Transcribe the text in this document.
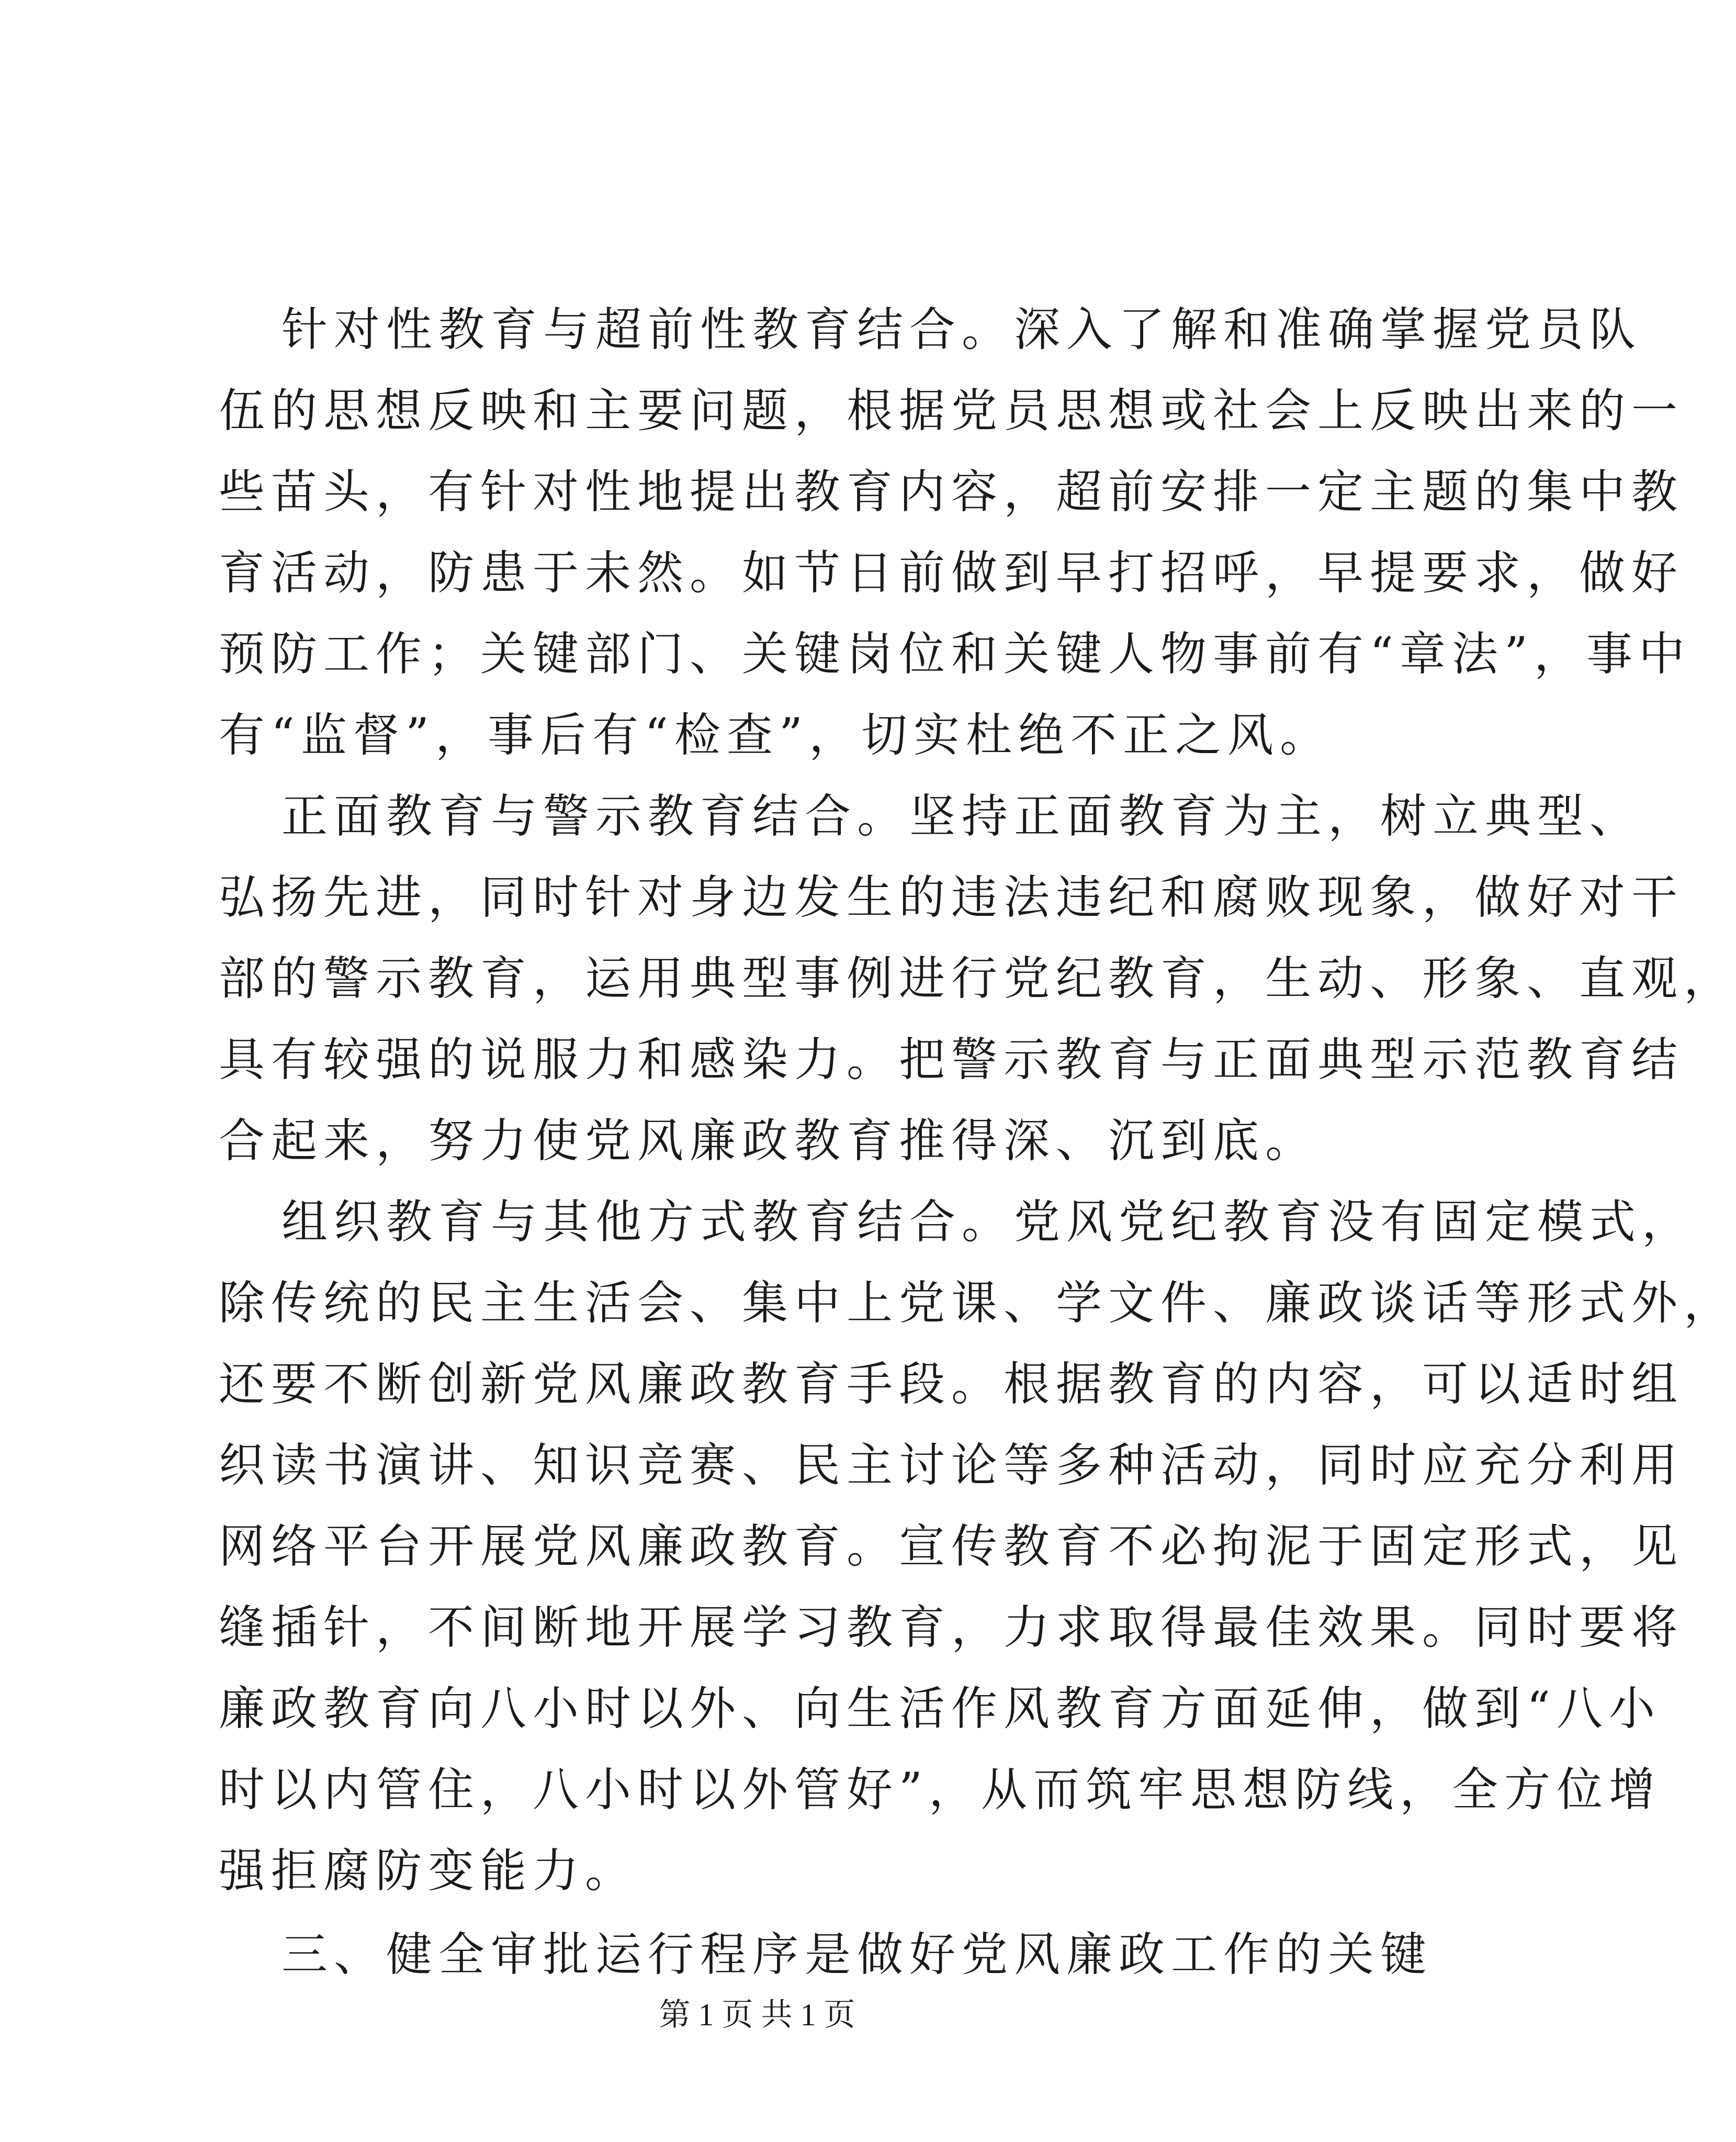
针对性教育与超前性教育结合。深入了解和准确掌握党员队
伍的思想反映和主要问题，根据党员思想或社会上反映出来的一
些苗头，有针对性地提出教育内容，超前安排一定主题的集中教
育活动，防患于未然。如节日前做到早打招呼，早提要求，做好
预防工作；关键部门、关键岗位和关键人物事前有“章法”，事中
有“监督”，事后有“检查”，切实杜绝不正之风。
正面教育与警示教育结合。坚持正面教育为主，树立典型、
弘扬先进，同时针对身边发生的违法违纪和腐败现象，做好对干
部的警示教育，运用典型事例进行党纪教育，生动、形象、直观，
具有较强的说服力和感染力。把警示教育与正面典型示范教育结
合起来，努力使党风廉政教育推得深、沉到底。
组织教育与其他方式教育结合。党风党纪教育没有固定模式，
除传统的民主生活会、集中上党课、学文件、廉政谈话等形式外，
还要不断创新党风廉政教育手段。根据教育的内容，可以适时组
织读书演讲、知识竞赛、民主讨论等多种活动，同时应充分利用
网络平台开展党风廉政教育。宣传教育不必拘泥于固定形式，见
缝插针，不间断地开展学习教育，力求取得最佳效果。同时要将
廉政教育向八小时以外、向生活作风教育方面延伸，做到“八小
时以内管住，八小时以外管好”，从而筑牢思想防线，全方位增
强拒腐防变能力。
三、健全审批运行程序是做好党风廉政工作的关键
第 1 页 共 1 页
